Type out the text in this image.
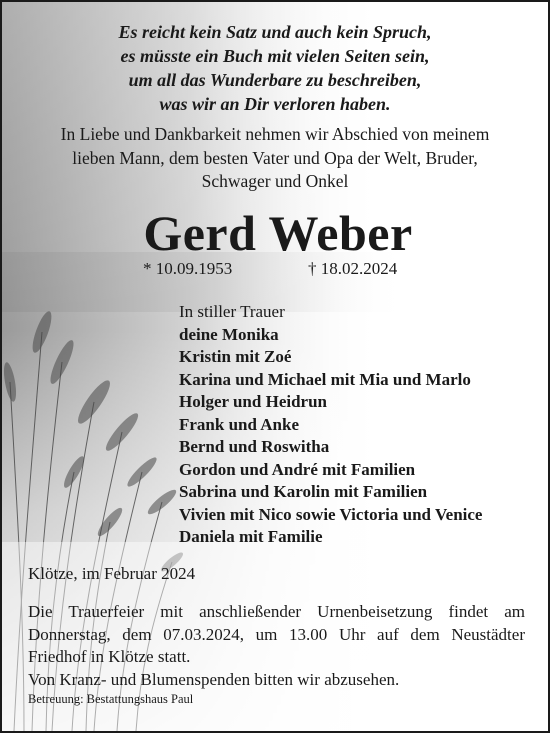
Es reicht kein Satz und auch kein Spruch,
es müsste ein Buch mit vielen Seiten sein,
um all das Wunderbare zu beschreiben,
was wir an Dir verloren haben.
In Liebe und Dankbarkeit nehmen wir Abschied von meinem
lieben Mann, dem besten Vater und Opa der Welt, Bruder,
Schwager und Onkel
Gerd Weber
* 10.09.1953	† 18.02.2024
In stiller Trauer
deine Monika
Kristin mit Zoé
Karina und Michael mit Mia und Marlo
Holger und Heidrun
Frank und Anke
Bernd und Roswitha
Gordon und André mit Familien
Sabrina und Karolin mit Familien
Vivien mit Nico sowie Victoria und Venice
Daniela mit Familie
Klötze, im Februar 2024
Die Trauerfeier mit anschließender Urnenbeisetzung findet am
Donnerstag, dem 07.03.2024, um 13.00 Uhr auf dem Neustädter
Friedhof in Klötze statt.
Von Kranz- und Blumenspenden bitten wir abzusehen.
Betreuung: Bestattungshaus Paul
